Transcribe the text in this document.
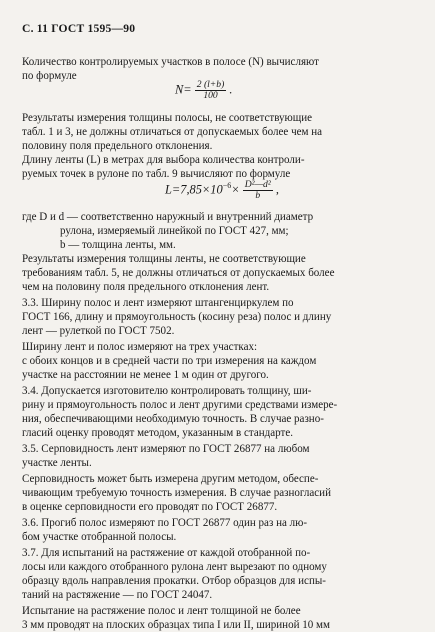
С. 11 ГОСТ 1595—90
$N= \frac{2 (l+b)}{100}$ .
$L=7,85\times 10^{-6}\times \frac{\text{D²—d²}}{b}$ ,
Количество контролируемых участков в полосе (N) вычисляют
по формуле
Результаты измерения толщины полосы, не соответствующие
табл. 1 и 3, не должны отличаться от допускаемых более чем на
половину поля предельного отклонения.
Длину ленты (L) в метрах для выбора количества контроли-
руемых точек в рулоне по табл. 9 вычисляют по формуле
где D и d — соответственно наружный и внутренний диаметр
рулона, измеряемый линейкой по ГОСТ 427, мм;
b — толщина ленты, мм.
Результаты измерения толщины ленты, не соответствующие
требованиям табл. 5, не должны отличаться от допускаемых более
чем на половину поля предельного отклонения лент.
3.3. Ширину полос и лент измеряют штангенциркулем по
ГОСТ 166, длину и прямоугольность (косину реза) полос и длину
лент — рулеткой по ГОСТ 7502.
Ширину лент и полос измеряют на трех участках:
с обоих концов и в средней части по три измерения на каждом
участке на расстоянии не менее 1 м один от другого.
3.4. Допускается изготовителю контролировать толщину, ши-
рину и прямоугольность полос и лент другими средствами измере-
ния, обеспечивающими необходимую точность. В случае разно-
гласий оценку проводят методом, указанным в стандарте.
3.5. Серповидность лент измеряют по ГОСТ 26877 на любом
участке ленты.
Серповидность может быть измерена другим методом, обеспе-
чивающим требуемую точность измерения. В случае разногласий
в оценке серповидности его проводят по ГОСТ 26877.
3.6. Прогиб полос измеряют по ГОСТ 26877 один раз на лю-
бом участке отобранной полосы.
3.7. Для испытаний на растяжение от каждой отобранной по-
лосы или каждого отобранного рулона лент вырезают по одному
образцу вдоль направления прокатки. Отбор образцов для испы-
таний на растяжение — по ГОСТ 24047.
Испытание на растяжение полос и лент толщиной не более
3 мм проводят на плоских образцах типа I или II, шириной 10 мм
